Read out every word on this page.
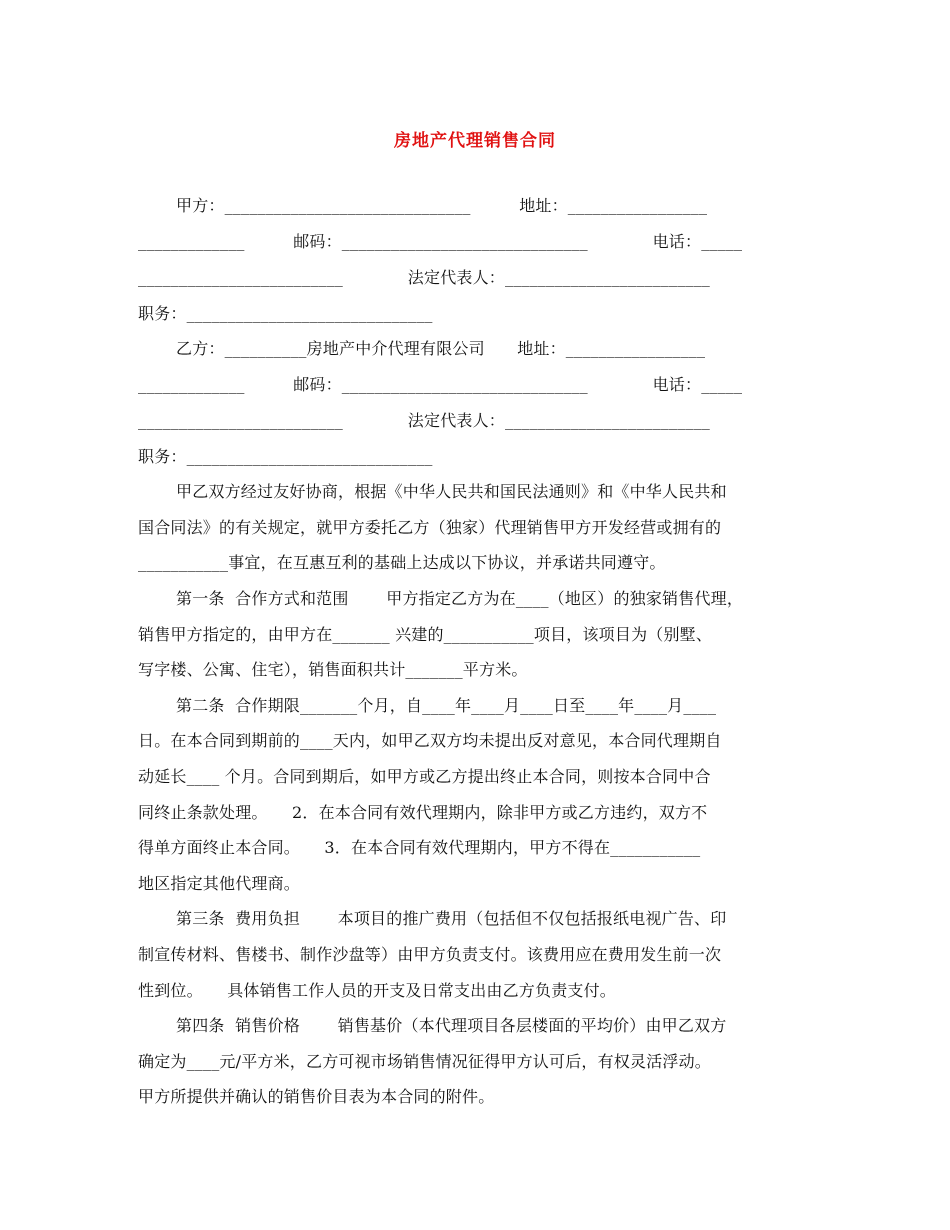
房地产代理销售合同
甲方：______________________________　　　地址：_________________
_____________　　　邮码：______________________________　　　　电话：_____
_________________________　　　　法定代表人：_________________________
职务：______________________________
乙方：__________房地产中介代理有限公司　　地址：_________________
_____________　　　邮码：______________________________　　　　电话：_____
_________________________　　　　法定代表人：_________________________
职务：______________________________
甲乙双方经过友好协商，根据《中华人民共和国民法通则》和《中华人民共和
国合同法》的有关规定，就甲方委托乙方（独家）代理销售甲方开发经营或拥有的
___________事宜，在互惠互利的基础上达成以下协议，并承诺共同遵守。
第一条  合作方式和范围　　 甲方指定乙方为在____（地区）的独家销售代理，
销售甲方指定的，由甲方在_______ 兴建的___________项目，该项目为（别墅、
写字楼、公寓、住宅），销售面积共计_______平方米。
第二条  合作期限_______个月，自____年____月____日至____年____月____
日。在本合同到期前的____天内，如甲乙双方均未提出反对意见，本合同代理期自
动延长____ 个月。合同到期后，如甲方或乙方提出终止本合同，则按本合同中合
同终止条款处理。　　2．在本合同有效代理期内，除非甲方或乙方违约，双方不
得单方面终止本合同。　　3．在本合同有效代理期内，甲方不得在___________
地区指定其他代理商。
第三条  费用负担　　 本项目的推广费用（包括但不仅包括报纸电视广告、印
制宣传材料、售楼书、制作沙盘等）由甲方负责支付。该费用应在费用发生前一次
性到位。　　具体销售工作人员的开支及日常支出由乙方负责支付。
第四条  销售价格　　 销售基价（本代理项目各层楼面的平均价）由甲乙双方
确定为____元/平方米，乙方可视市场销售情况征得甲方认可后，有权灵活浮动。
甲方所提供并确认的销售价目表为本合同的附件。
